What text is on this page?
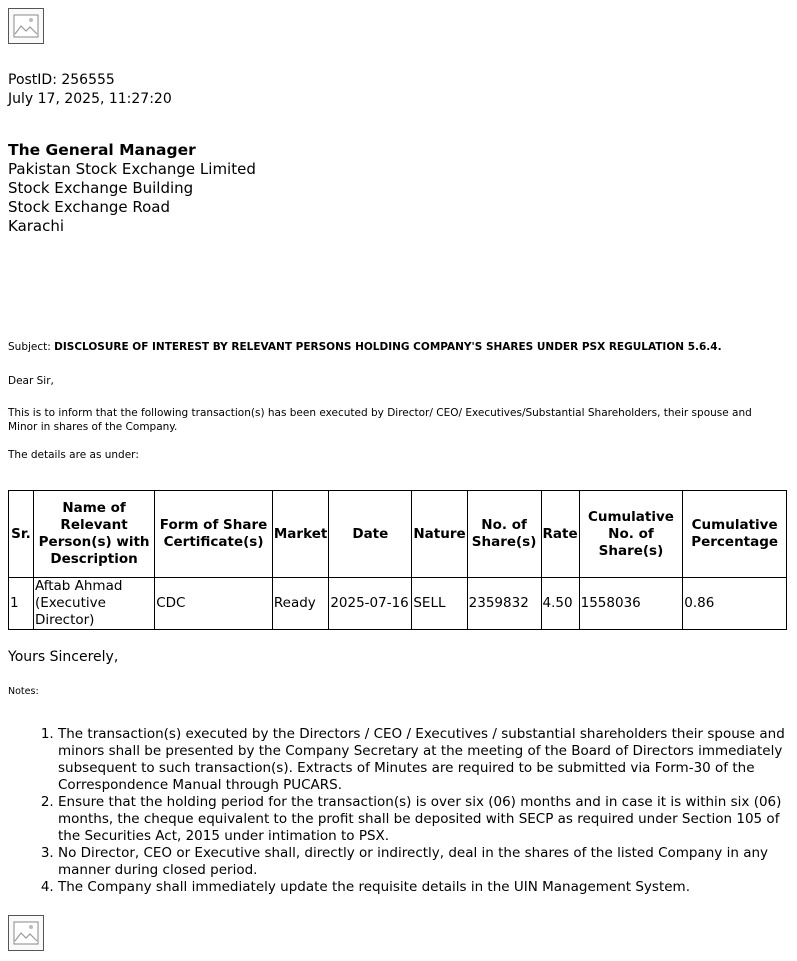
PostID: 256555
July 17, 2025, 11:27:20
The General Manager
Pakistan Stock Exchange Limited
Stock Exchange Building
Stock Exchange Road
Karachi
Subject: DISCLOSURE OF INTEREST BY RELEVANT PERSONS HOLDING COMPANY'S SHARES UNDER PSX REGULATION 5.6.4.
Dear Sir,
This is to inform that the following transaction(s) has been executed by Director/ CEO/ Executives/Substantial Shareholders, their spouse and Minor in shares of the Company.
The details are as under:
Sr.	Name of Relevant Person(s) with Description	Form of Share Certificate(s)	Market	Date	Nature	No. of Share(s)	Rate	Cumulative No. of Share(s)	Cumulative Percentage
1	Aftab Ahmad (Executive Director)	CDC	Ready	2025-07-16	SELL	2359832	4.50	1558036	0.86
Yours Sincerely,
Notes:
1. The transaction(s) executed by the Directors / CEO / Executives / substantial shareholders their spouse and minors shall be presented by the Company Secretary at the meeting of the Board of Directors immediately subsequent to such transaction(s). Extracts of Minutes are required to be submitted via Form-30 of the Correspondence Manual through PUCARS.
2. Ensure that the holding period for the transaction(s) is over six (06) months and in case it is within six (06) months, the cheque equivalent to the profit shall be deposited with SECP as required under Section 105 of the Securities Act, 2015 under intimation to PSX.
3. No Director, CEO or Executive shall, directly or indirectly, deal in the shares of the listed Company in any manner during closed period.
4. The Company shall immediately update the requisite details in the UIN Management System.
